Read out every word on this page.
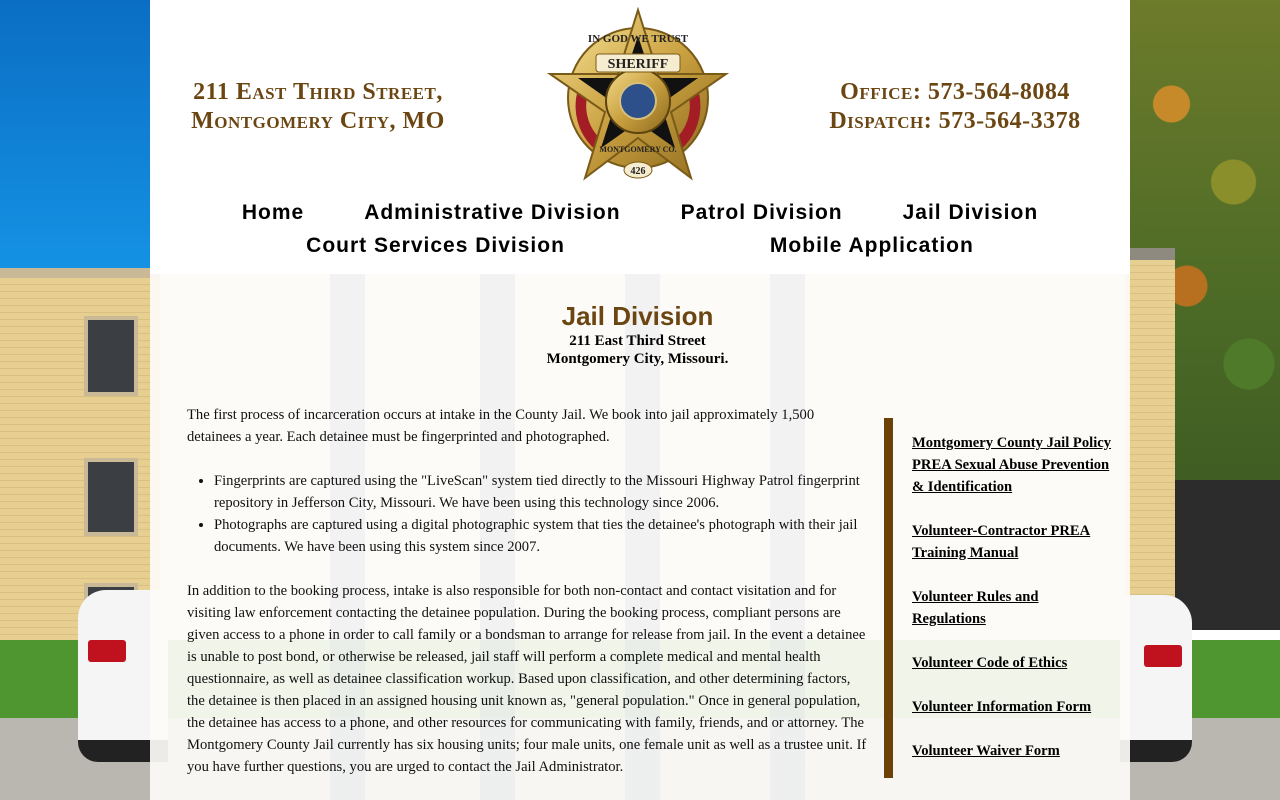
211 East Third Street,
Montgomery City, MO
SHERIFF
IN GOD WE TRUST
MONTGOMERY CO.
426
Office: 573-564-8084
Dispatch: 573-564-3378
Home	Administrative Division	Patrol Division	Jail Division
Court Services Division	Mobile Application
Jail Division
211 East Third Street
Montgomery City, Missouri.

The first process of incarceration occurs at intake in the County Jail. We book into jail approximately 1,500 detainees a year. Each detainee must be fingerprinted and photographed.

• Fingerprints are captured using the "LiveScan" system tied directly to the Missouri Highway Patrol fingerprint repository in Jefferson City, Missouri. We have been using this technology since 2006.
• Photographs are captured using a digital photographic system that ties the detainee's photograph with their jail documents. We have been using this system since 2007.

In addition to the booking process, intake is also responsible for both non-contact and contact visitation and for visiting law enforcement contacting the detainee population. During the booking process, compliant persons are given access to a phone in order to call family or a bondsman to arrange for release from jail. In the event a detainee is unable to post bond, or otherwise be released, jail staff will perform a complete medical and mental health questionnaire, as well as detainee classification workup. Based upon classification, and other determining factors, the detainee is then placed in an assigned housing unit known as, "general population." Once in general population, the detainee has access to a phone, and other resources for communicating with family, friends, and or attorney. The Montgomery County Jail currently has six housing units; four male units, one female unit as well as a trustee unit. If you have further questions, you are urged to contact the Jail Administrator.

Montgomery County Jail Policy PREA Sexual Abuse Prevention & Identification
Volunteer-Contractor PREA Training Manual
Volunteer Rules and Regulations
Volunteer Code of Ethics
Volunteer Information Form
Volunteer Waiver Form
